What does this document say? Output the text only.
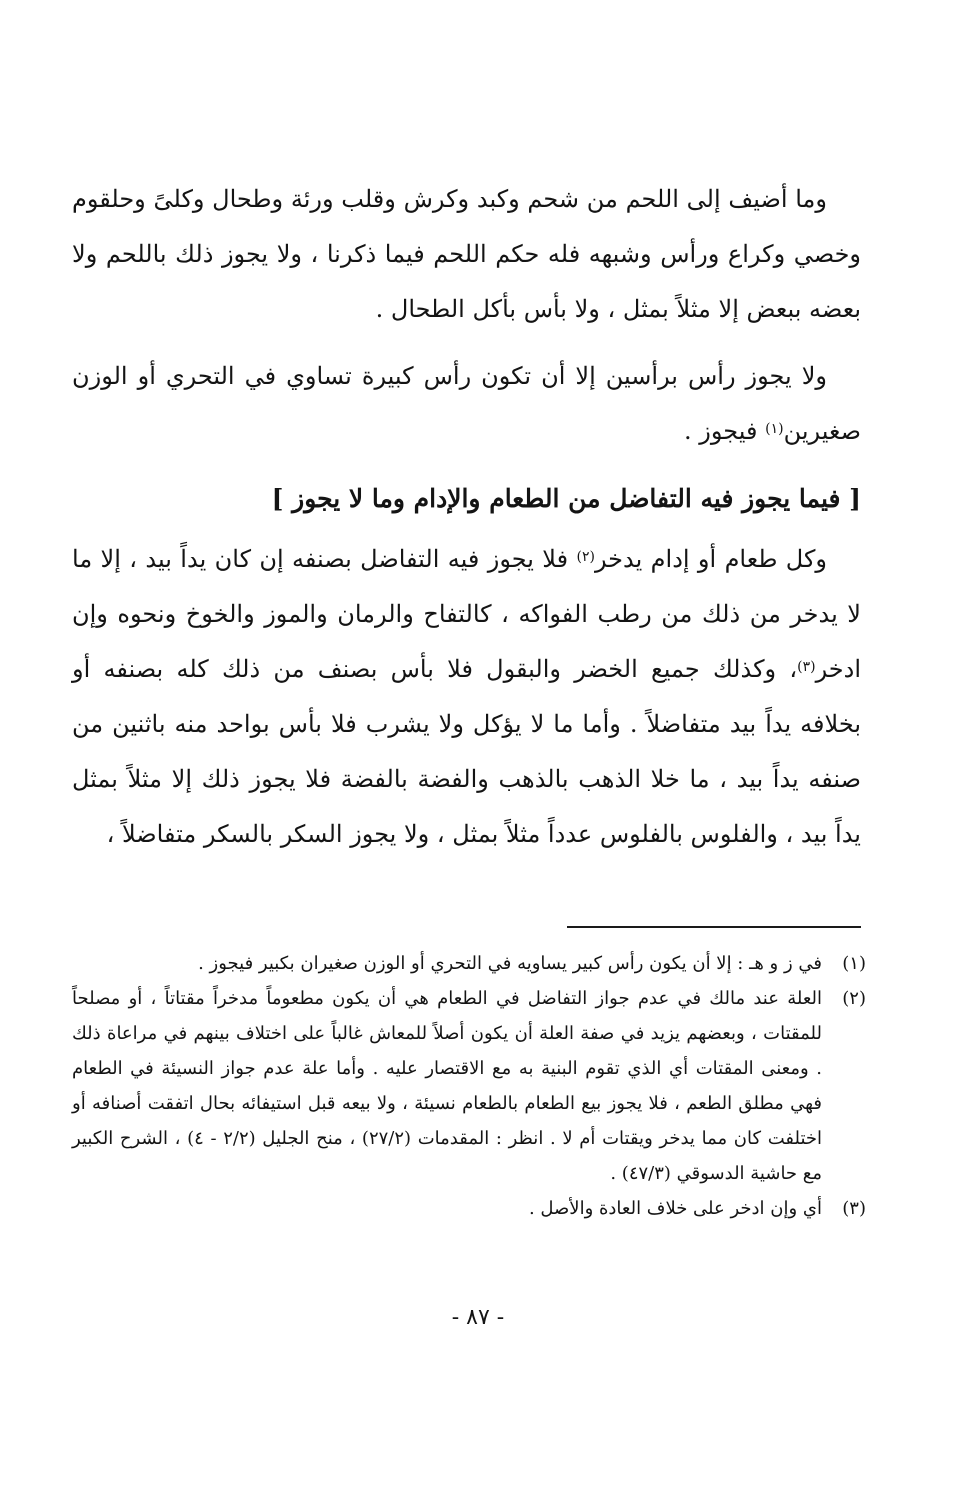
وما أضيف إلى اللحم من شحم وكبد وكرش وقلب ورئة وطحال وكلىً وحلقوم وخصي وكراع ورأس وشبهه فله حكم اللحم فيما ذكرنا ، ولا يجوز ذلك باللحم ولا بعضه ببعض إلا مثلاً بمثل ، ولا بأس بأكل الطحال .

ولا يجوز رأس برأسين إلا أن تكون رأس كبيرة تساوي في التحري أو الوزن صغيرين$^{(١)}$ فيجوز .

[ فيما يجوز فيه التفاضل من الطعام والإدام وما لا يجوز ]

وكل طعام أو إدام يدخر$^{(٢)}$ فلا يجوز فيه التفاضل بصنفه إن كان يداً بيد ، إلا ما لا يدخر من ذلك من رطب الفواكه ، كالتفاح والرمان والموز والخوخ ونحوه وإن ادخر$^{(٣)}$، وكذلك جميع الخضر والبقول فلا بأس بصنف من ذلك كله بصنفه أو بخلافه يداً بيد متفاضلاً . وأما ما لا يؤكل ولا يشرب فلا بأس بواحد منه باثنين من صنفه يداً بيد ، ما خلا الذهب بالذهب والفضة بالفضة فلا يجوز ذلك إلا مثلاً بمثل يداً بيد ، والفلوس بالفلوس عدداً مثلاً بمثل ، ولا يجوز السكر بالسكر متفاضلاً ،

(١)
في ز و هـ : إلا أن يكون رأس كبير يساويه في التحري أو الوزن صغيران بكبير فيجوز .
(٢)
العلة عند مالك في عدم جواز التفاضل في الطعام هي أن يكون مطعوماً مدخراً مقتاتاً ، أو مصلحاً للمقتات ، وبعضهم يزيد في صفة العلة أن يكون أصلاً للمعاش غالباً على اختلاف بينهم في مراعاة ذلك . ومعنى المقتات أي الذي تقوم البنية به مع الاقتصار عليه . وأما علة عدم جواز النسيئة في الطعام فهي مطلق الطعم ، فلا يجوز بيع الطعام بالطعام نسيئة ، ولا بيعه قبل استيفائه بحال اتفقت أصنافه أو اختلفت كان مما يدخر ويقتات أم لا . انظر : المقدمات (٢٧/٢) ، منح الجليل (٢/٢ - ٤) ، الشرح الكبير مع حاشية الدسوقي (٤٧/٣) .
(٣)
أي وإن ادخر على خلاف العادة والأصل .
- ٨٧ -
